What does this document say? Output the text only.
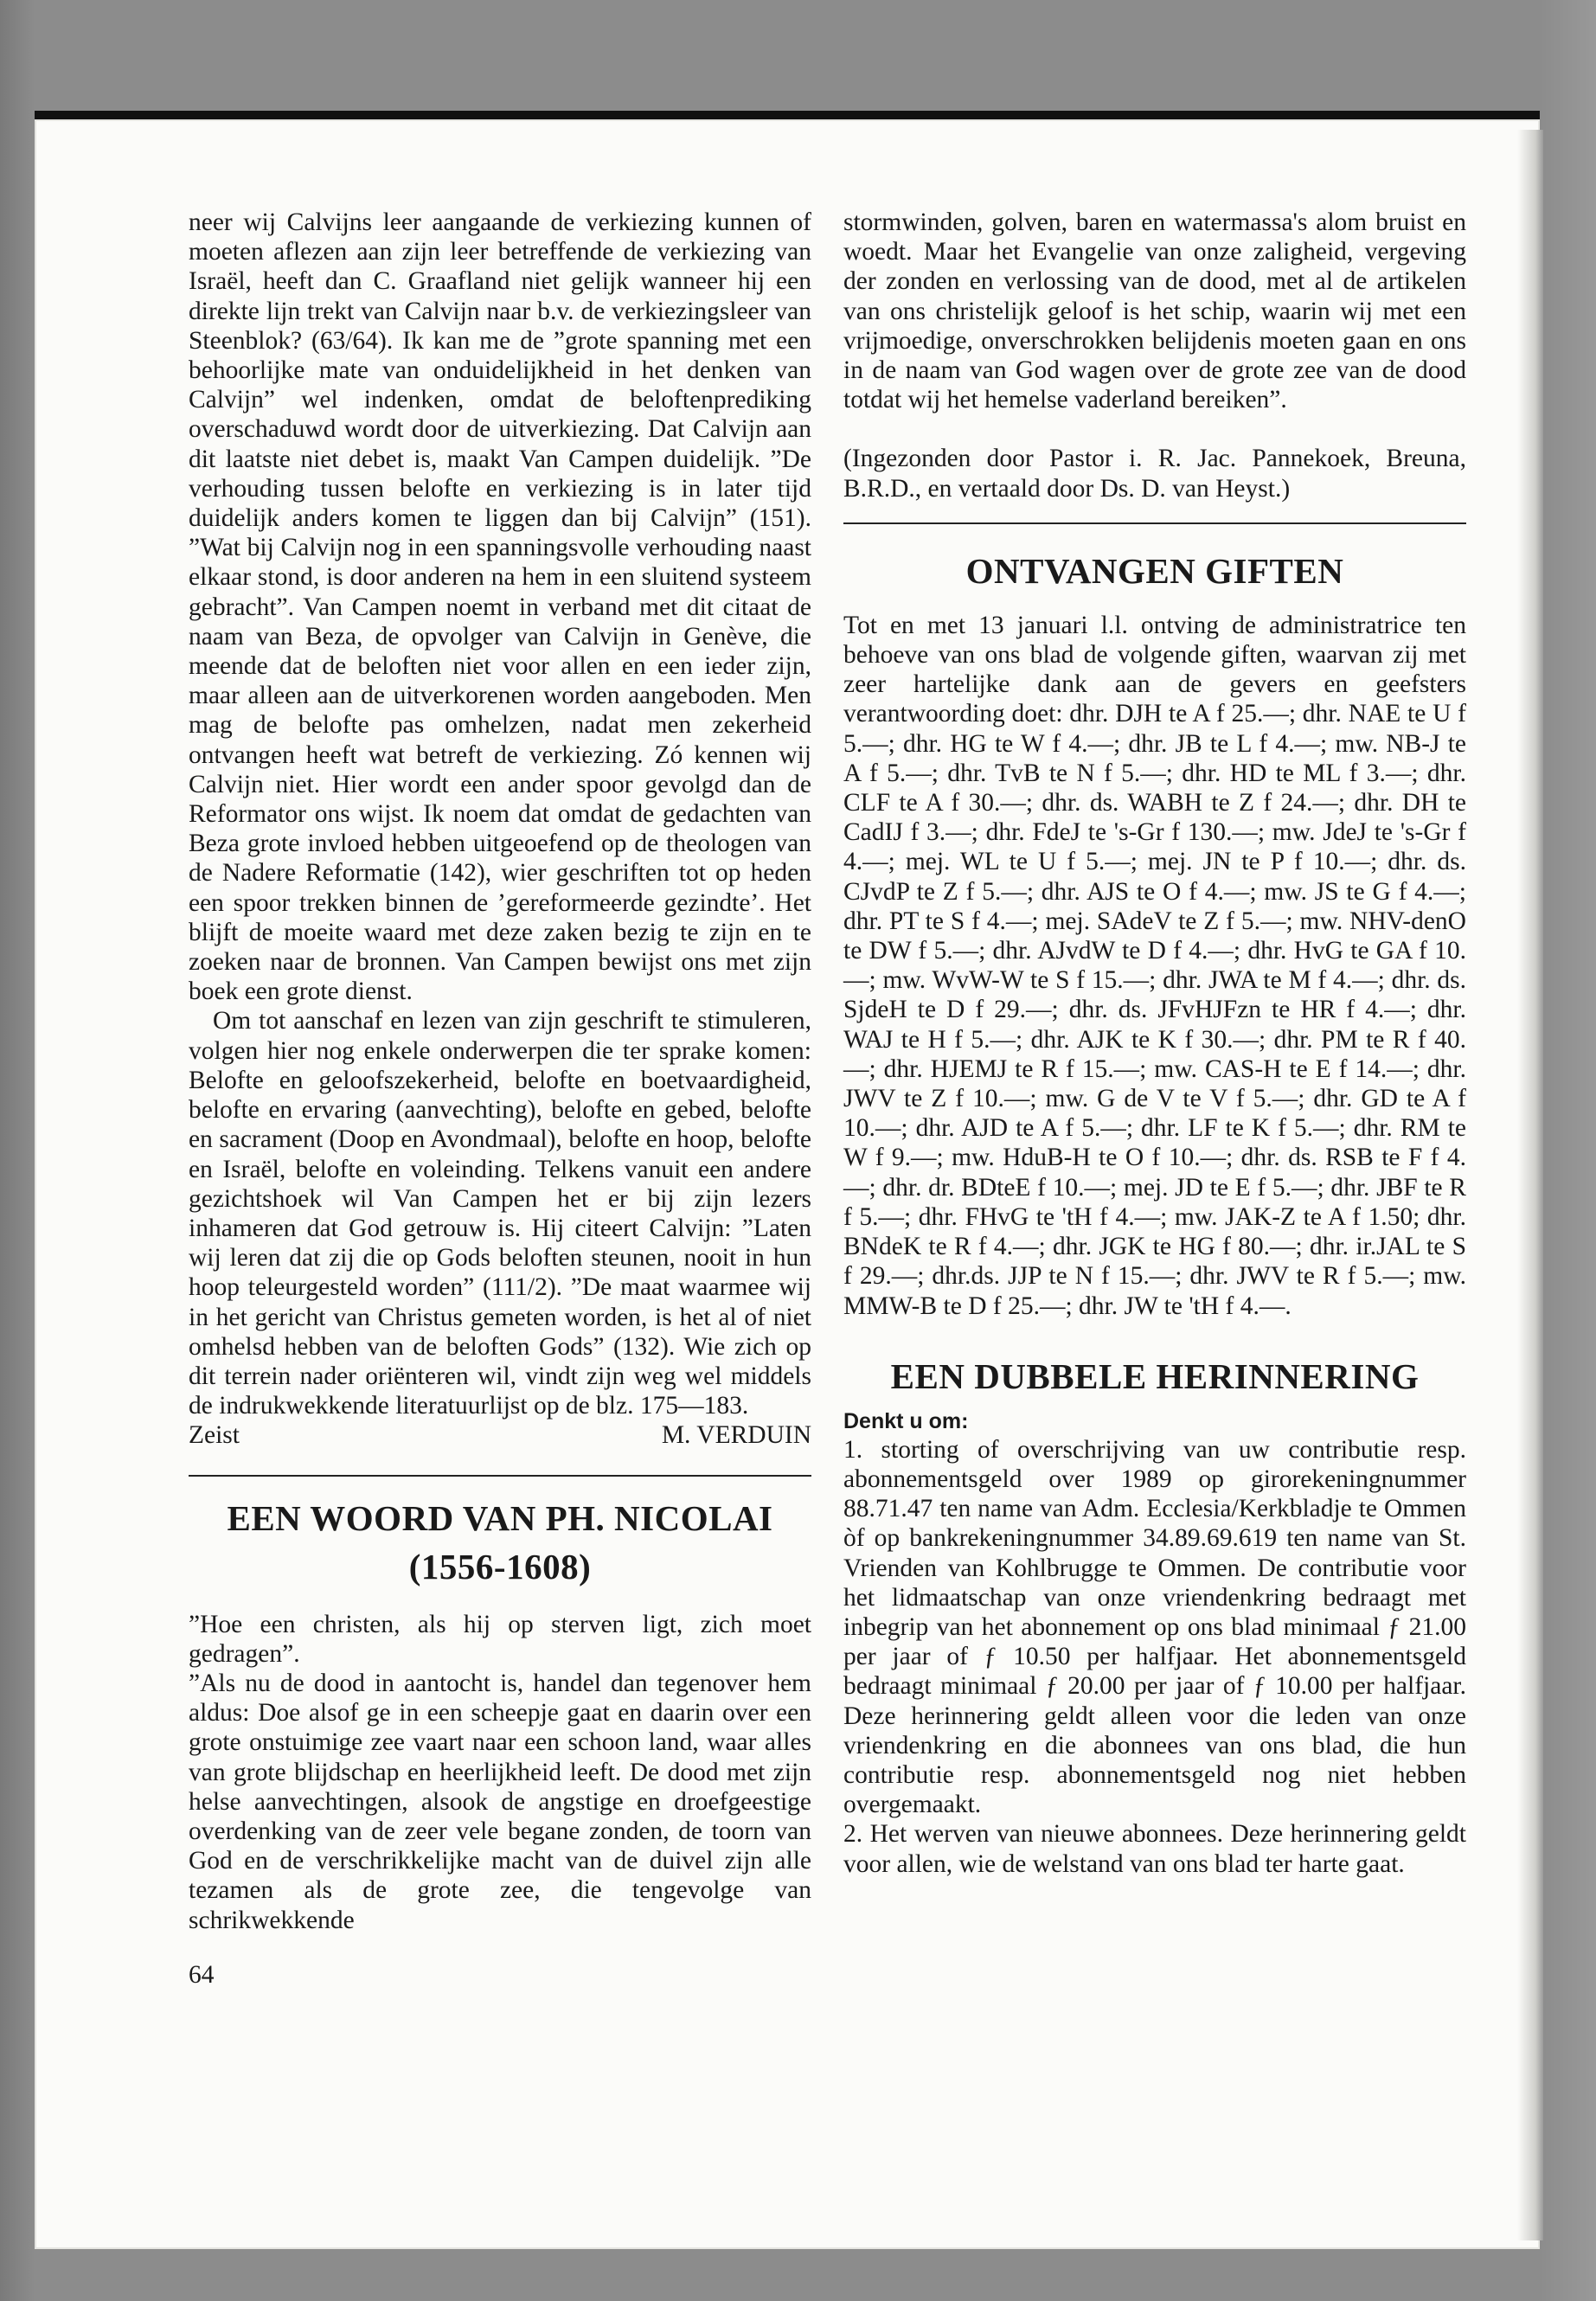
neer wij Calvijns leer aangaande de verkiezing kunnen of moeten aflezen aan zijn leer betreffende de verkiezing van Israël, heeft dan C. Graafland niet gelijk wanneer hij een direkte lijn trekt van Calvijn naar b.v. de verkiezingsleer van Steenblok? (63/64). Ik kan me de ”grote spanning met een behoorlijke mate van onduidelijkheid in het denken van Calvijn” wel indenken, omdat de beloftenprediking overschaduwd wordt door de uitverkiezing. Dat Calvijn aan dit laatste niet debet is, maakt Van Campen duidelijk. ”De verhouding tussen belofte en verkiezing is in later tijd duidelijk anders komen te liggen dan bij Calvijn” (151). ”Wat bij Calvijn nog in een spanningsvolle verhouding naast elkaar stond, is door anderen na hem in een sluitend systeem gebracht”. Van Campen noemt in verband met dit citaat de naam van Beza, de opvolger van Calvijn in Genève, die meende dat de beloften niet voor allen en een ieder zijn, maar alleen aan de uitverkorenen worden aangeboden. Men mag de belofte pas omhelzen, nadat men zekerheid ontvangen heeft wat betreft de verkiezing. Zó kennen wij Calvijn niet. Hier wordt een ander spoor gevolgd dan de Reformator ons wijst. Ik noem dat omdat de gedachten van Beza grote invloed hebben uitgeoefend op de theologen van de Nadere Reformatie (142), wier geschriften tot op heden een spoor trekken binnen de ’gereformeerde gezindte’. Het blijft de moeite waard met deze zaken bezig te zijn en te zoeken naar de bronnen. Van Campen bewijst ons met zijn boek een grote dienst.

Om tot aanschaf en lezen van zijn geschrift te stimuleren, volgen hier nog enkele onderwerpen die ter sprake komen: Belofte en geloofszekerheid, belofte en boetvaardigheid, belofte en ervaring (aanvechting), belofte en gebed, belofte en sacrament (Doop en Avondmaal), belofte en hoop, belofte en Israël, belofte en voleinding. Telkens vanuit een andere gezichtshoek wil Van Campen het er bij zijn lezers inhameren dat God getrouw is. Hij citeert Calvijn: ”Laten wij leren dat zij die op Gods beloften steunen, nooit in hun hoop teleurgesteld worden” (111/2). ”De maat waarmee wij in het gericht van Christus gemeten worden, is het al of niet omhelsd hebben van de beloften Gods” (132). Wie zich op dit terrein nader oriënteren wil, vindt zijn weg wel middels de indrukwekkende literatuurlijst op de blz. 175—183.

Zeist	M. VERDUIN
EEN WOORD VAN PH. NICOLAI
(1556-1608)

”Hoe een christen, als hij op sterven ligt, zich moet gedragen”.

”Als nu de dood in aantocht is, handel dan tegenover hem aldus: Doe alsof ge in een scheepje gaat en daarin over een grote onstuimige zee vaart naar een schoon land, waar alles van grote blijdschap en heerlijkheid leeft. De dood met zijn helse aanvechtingen, alsook de angstige en droefgeestige overdenking van de zeer vele begane zonden, de toorn van God en de verschrikkelijke macht van de duivel zijn alle tezamen als de grote zee, die tengevolge van schrikwekkende

64

stormwinden, golven, baren en watermassa's alom bruist en woedt. Maar het Evangelie van onze zaligheid, vergeving der zonden en verlossing van de dood, met al de artikelen van ons christelijk geloof is het schip, waarin wij met een vrijmoedige, onverschrokken belijdenis moeten gaan en ons in de naam van God wagen over de grote zee van de dood totdat wij het hemelse vaderland bereiken”.

(Ingezonden door Pastor i. R. Jac. Pannekoek, Breuna, B.R.D., en vertaald door Ds. D. van Heyst.)

ONTVANGEN GIFTEN

Tot en met 13 januari l.l. ontving de administratrice ten behoeve van ons blad de volgende giften, waarvan zij met zeer hartelijke dank aan de gevers en geefsters verantwoording doet: dhr. DJH te A f 25.—; dhr. NAE te U f 5.—; dhr. HG te W f 4.—; dhr. JB te L f 4.—; mw. NB-J te A f 5.—; dhr. TvB te N f 5.—; dhr. HD te ML f 3.—; dhr. CLF te A f 30.—; dhr. ds. WABH te Z f 24.—; dhr. DH te CadIJ f 3.—; dhr. FdeJ te 's-Gr f 130.—; mw. JdeJ te 's-Gr f 4.—; mej. WL te U f 5.—; mej. JN te P f 10.—; dhr. ds. CJvdP te Z f 5.—; dhr. AJS te O f 4.—; mw. JS te G f 4.—; dhr. PT te S f 4.—; mej. SAdeV te Z f 5.—; mw. NHV-denO te DW f 5.—; dhr. AJvdW te D f 4.—; dhr. HvG te GA f 10.—; mw. WvW-W te S f 15.—; dhr. JWA te M f 4.—; dhr. ds. SjdeH te D f 29.—; dhr. ds. JFvHJFzn te HR f 4.—; dhr. WAJ te H f 5.—; dhr. AJK te K f 30.—; dhr. PM te R f 40.—; dhr. HJEMJ te R f 15.—; mw. CAS-H te E f 14.—; dhr. JWV te Z f 10.—; mw. G de V te V f 5.—; dhr. GD te A f 10.—; dhr. AJD te A f 5.—; dhr. LF te K f 5.—; dhr. RM te W f 9.—; mw. HduB-H te O f 10.—; dhr. ds. RSB te F f 4.—; dhr. dr. BDteE f 10.—; mej. JD te E f 5.—; dhr. JBF te R f 5.—; dhr. FHvG te 'tH f 4.—; mw. JAK-Z te A f 1.50; dhr. BNdeK te R f 4.—; dhr. JGK te HG f 80.—; dhr. ir.JAL te S f 29.—; dhr.ds. JJP te N f 15.—; dhr. JWV te R f 5.—; mw. MMW-B te D f 25.—; dhr. JW te 'tH f 4.—.

EEN DUBBELE HERINNERING
Denkt u om:

1. storting of overschrijving van uw contributie resp. abonnementsgeld over 1989 op girorekeningnummer 88.71.47 ten name van Adm. Ecclesia/Kerkbladje te Ommen òf op bankrekeningnummer 34.89.69.619 ten name van St. Vrienden van Kohlbrugge te Ommen. De contributie voor het lidmaatschap van onze vriendenkring bedraagt met inbegrip van het abonnement op ons blad minimaal ƒ 21.00 per jaar of ƒ 10.50 per halfjaar. Het abonnementsgeld bedraagt minimaal ƒ 20.00 per jaar of ƒ 10.00 per halfjaar. Deze herinnering geldt alleen voor die leden van onze vriendenkring en die abonnees van ons blad, die hun contributie resp. abonnementsgeld nog niet hebben overgemaakt.

2. Het werven van nieuwe abonnees. Deze herinnering geldt voor allen, wie de welstand van ons blad ter harte gaat.
